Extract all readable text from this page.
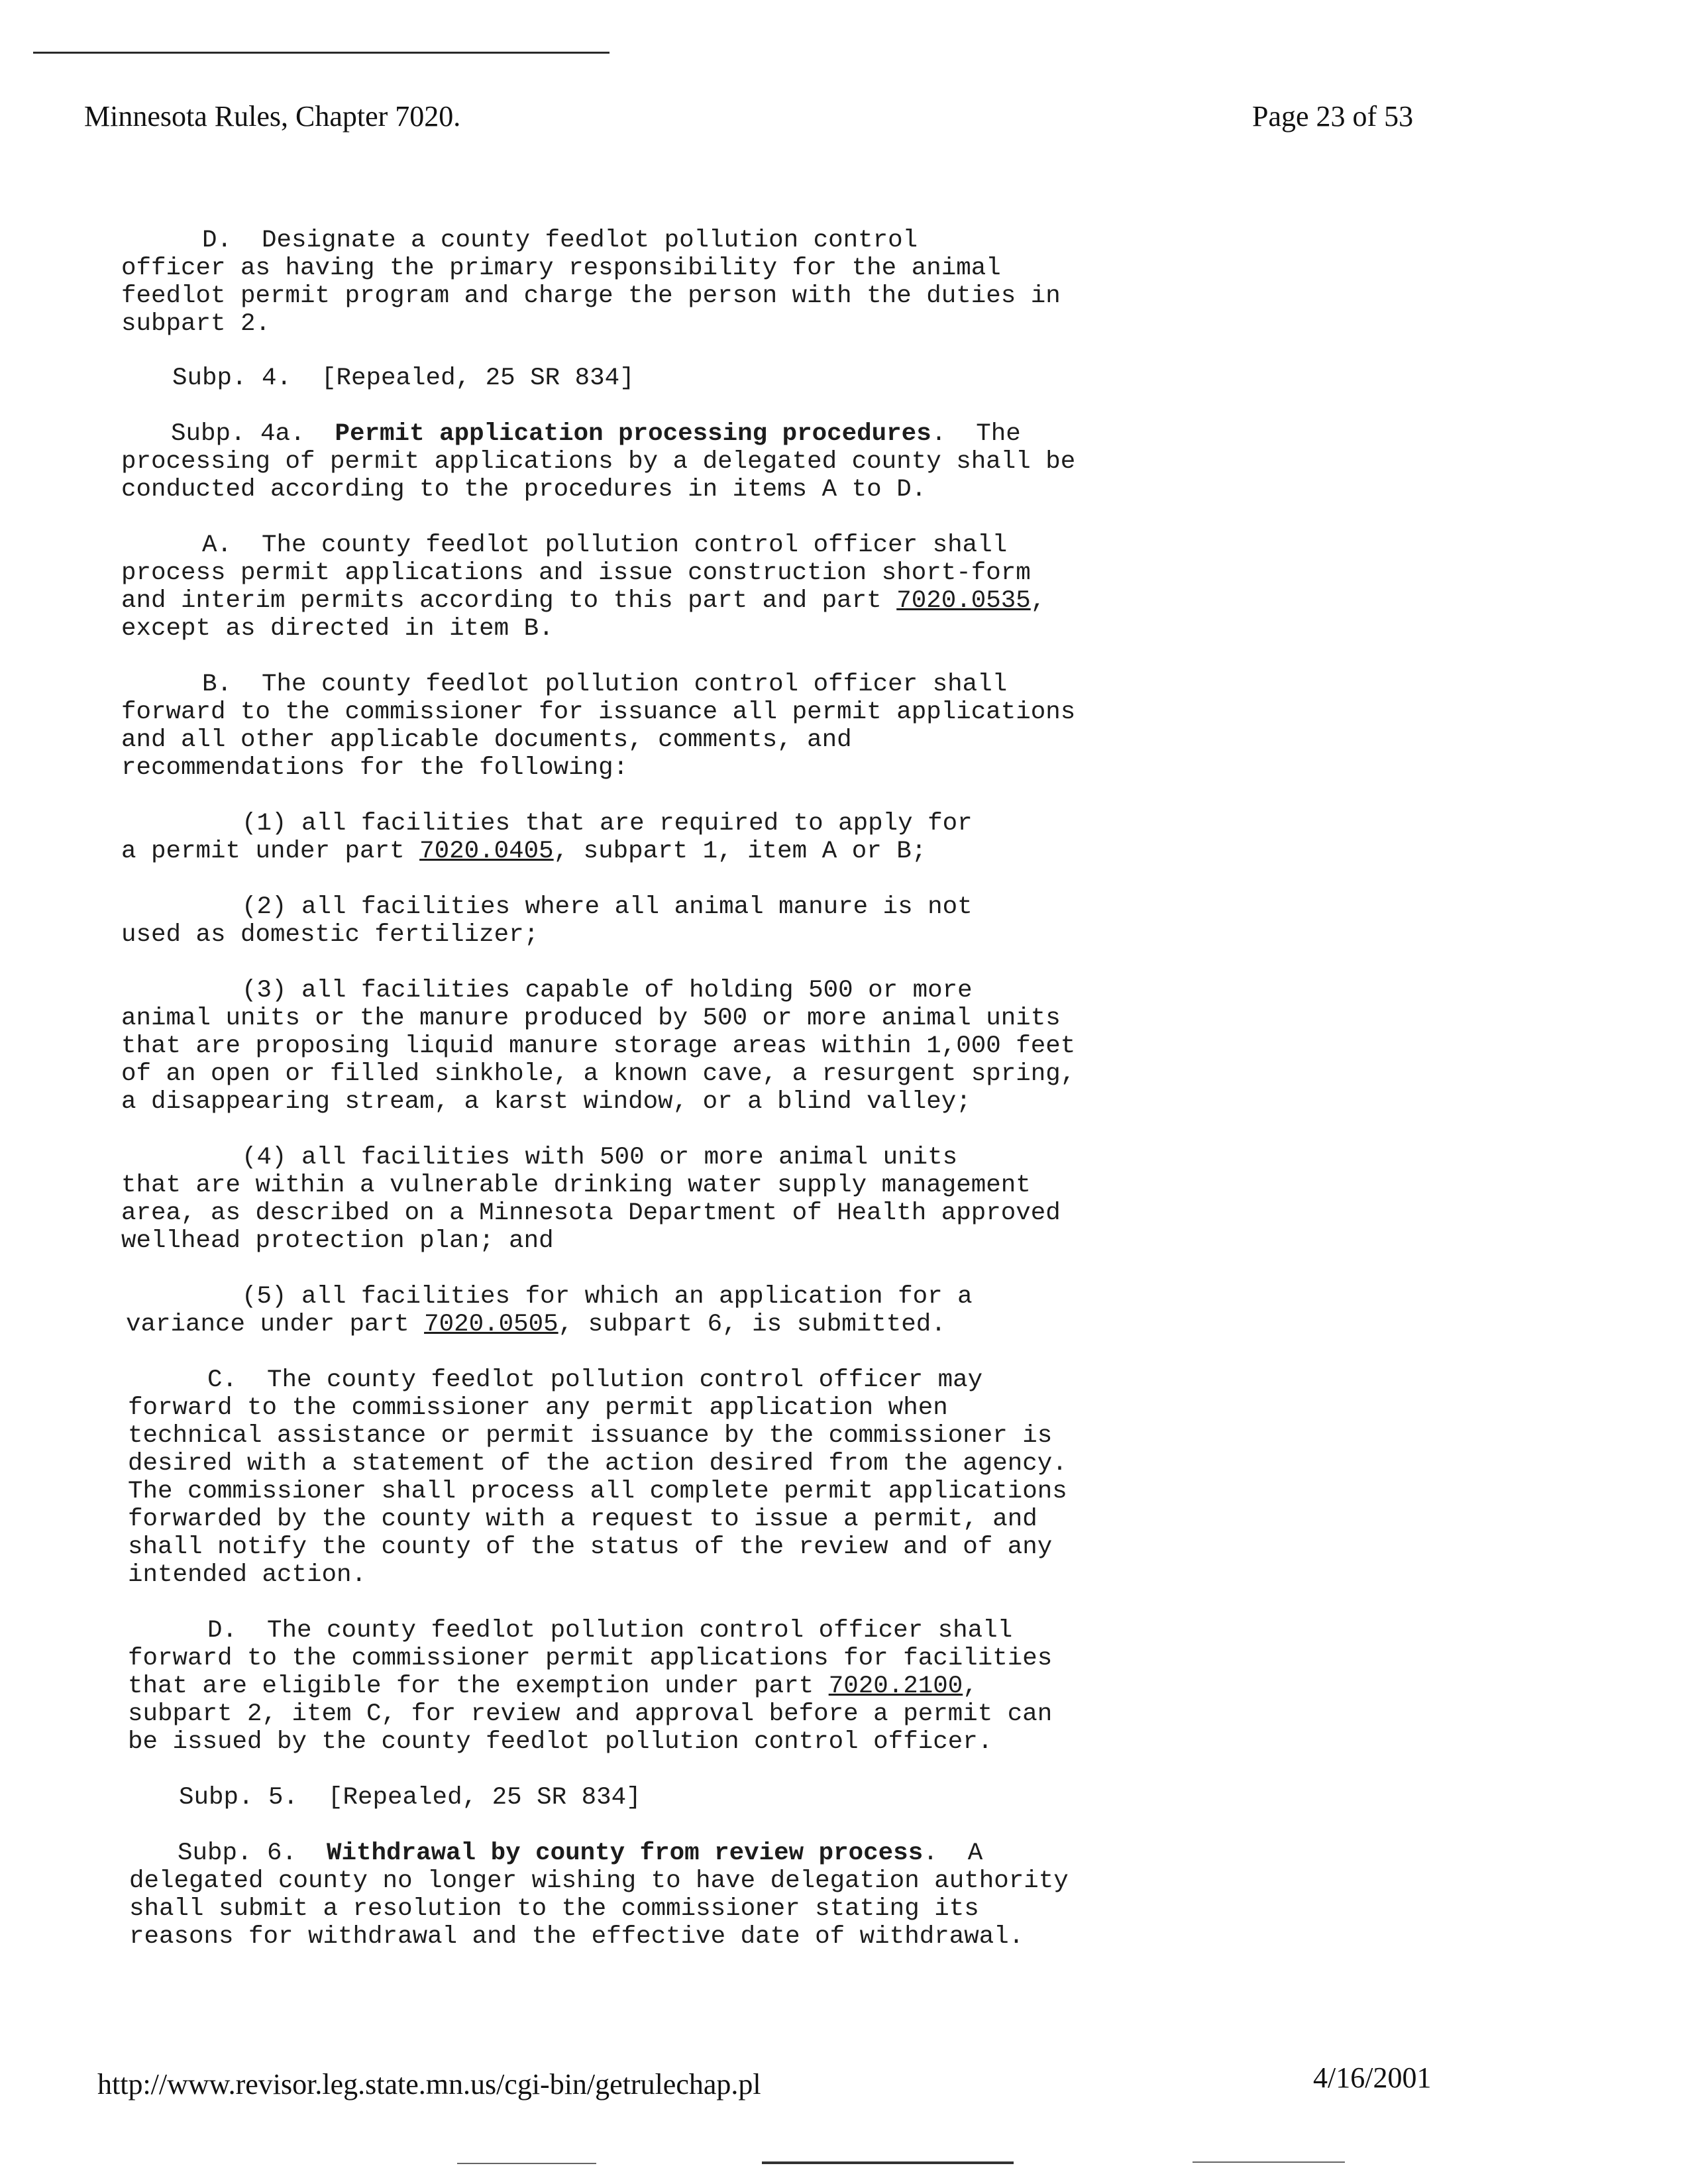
Minnesota Rules, Chapter 7020.	Page 23 of 53
D.  Designate a county feedlot pollution control
officer as having the primary responsibility for the animal
feedlot permit program and charge the person with the duties in
subpart 2.
Subp. 4.  [Repealed, 25 SR 834]
Subp. 4a.  Permit application processing procedures.  The
processing of permit applications by a delegated county shall be
conducted according to the procedures in items A to D.
A.  The county feedlot pollution control officer shall
process permit applications and issue construction short-form
and interim permits according to this part and part 7020.0535,
except as directed in item B.
B.  The county feedlot pollution control officer shall
forward to the commissioner for issuance all permit applications
and all other applicable documents, comments, and
recommendations for the following:
(1) all facilities that are required to apply for
a permit under part 7020.0405, subpart 1, item A or B;
(2) all facilities where all animal manure is not
used as domestic fertilizer;
(3) all facilities capable of holding 500 or more
animal units or the manure produced by 500 or more animal units
that are proposing liquid manure storage areas within 1,000 feet
of an open or filled sinkhole, a known cave, a resurgent spring,
a disappearing stream, a karst window, or a blind valley;
(4) all facilities with 500 or more animal units
that are within a vulnerable drinking water supply management
area, as described on a Minnesota Department of Health approved
wellhead protection plan; and
(5) all facilities for which an application for a
variance under part 7020.0505, subpart 6, is submitted.
C.  The county feedlot pollution control officer may
forward to the commissioner any permit application when
technical assistance or permit issuance by the commissioner is
desired with a statement of the action desired from the agency.
The commissioner shall process all complete permit applications
forwarded by the county with a request to issue a permit, and
shall notify the county of the status of the review and of any
intended action.
D.  The county feedlot pollution control officer shall
forward to the commissioner permit applications for facilities
that are eligible for the exemption under part 7020.2100,
subpart 2, item C, for review and approval before a permit can
be issued by the county feedlot pollution control officer.
Subp. 5.  [Repealed, 25 SR 834]
Subp. 6.  Withdrawal by county from review process.  A
delegated county no longer wishing to have delegation authority
shall submit a resolution to the commissioner stating its
reasons for withdrawal and the effective date of withdrawal.
http://www.revisor.leg.state.mn.us/cgi-bin/getrulechap.pl	4/16/2001
